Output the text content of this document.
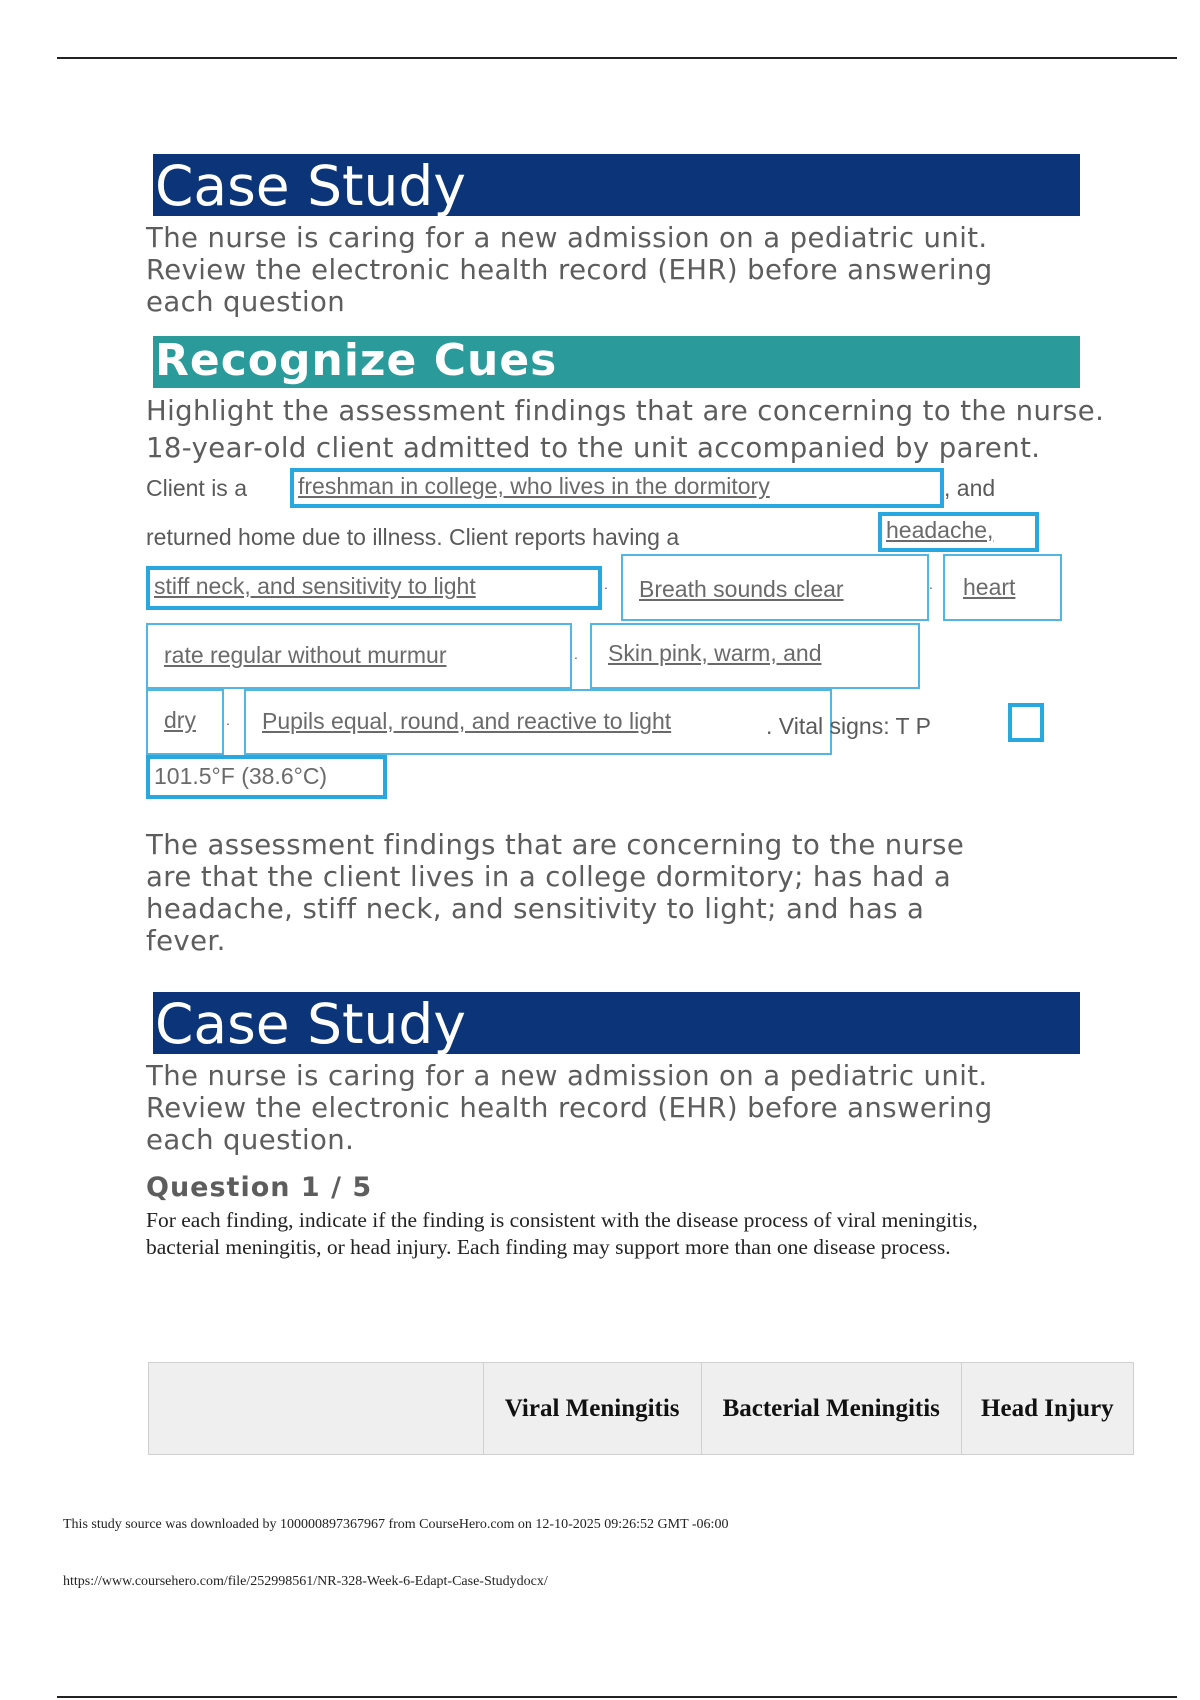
Case Study
The nurse is caring for a new admission on a pediatric unit. Review the electronic health record (EHR) before answering each question
Recognize Cues
Highlight the assessment findings that are concerning to the nurse.
18-year-old client admitted to the unit accompanied by parent.
Client is a	freshman in college, who lives in the dormitory	, and
returned home due to illness. Client reports having a	headache,
stiff neck, and sensitivity to light	.	Breath sounds clear	.	heart
rate regular without murmur	.	Skin pink, warm, and
dry	.	Pupils equal, round, and reactive to light	. Vital signs: T P
101.5°F (38.6°C)
The assessment findings that are concerning to the nurse are that the client lives in a college dormitory; has had a headache, stiff neck, and sensitivity to light; and has a fever.
Case Study
The nurse is caring for a new admission on a pediatric unit. Review the electronic health record (EHR) before answering each question.
Question 1 / 5
For each finding, indicate if the finding is consistent with the disease process of viral meningitis, bacterial meningitis, or head injury. Each finding may support more than one disease process.
	Viral Meningitis	Bacterial Meningitis	Head Injury
This study source was downloaded by 100000897367967 from CourseHero.com on 12-10-2025 09:26:52 GMT -06:00
https://www.coursehero.com/file/252998561/NR-328-Week-6-Edapt-Case-Studydocx/
